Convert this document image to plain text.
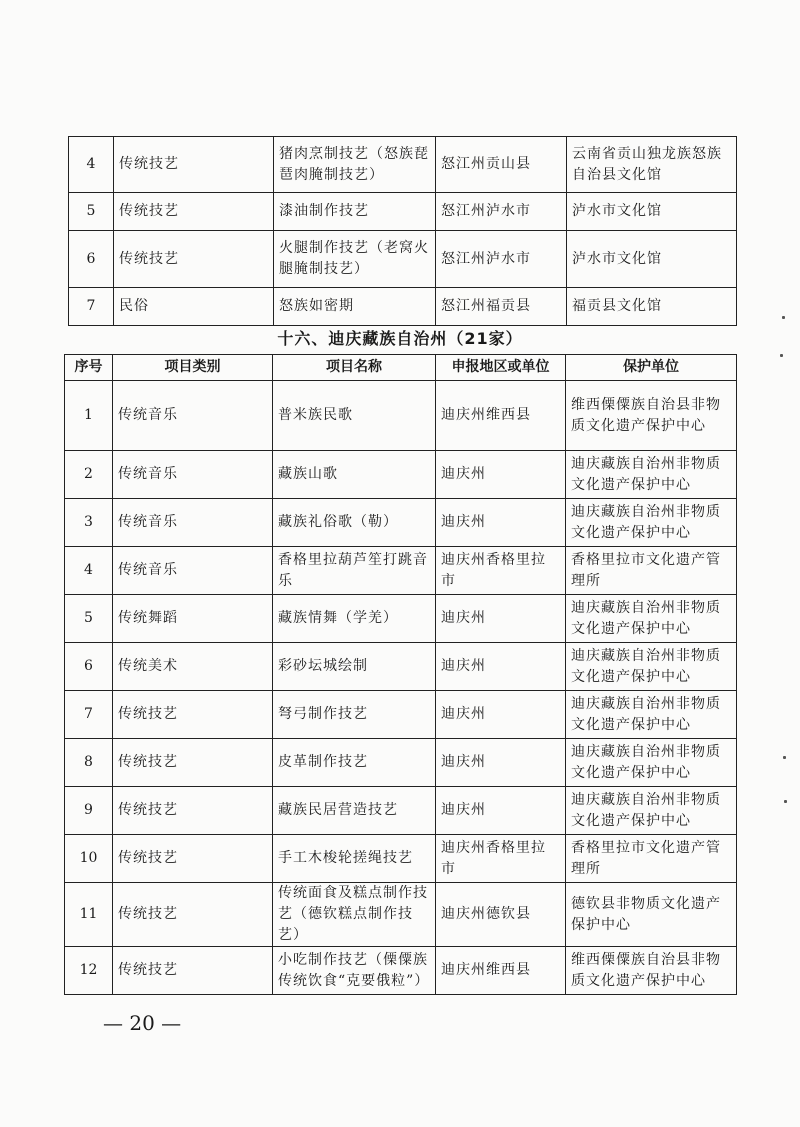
4	传统技艺	猪肉烹制技艺（怒族琵琶肉腌制技艺）	怒江州贡山县	云南省贡山独龙族怒族自治县文化馆
5	传统技艺	漆油制作技艺	怒江州泸水市	泸水市文化馆
6	传统技艺	火腿制作技艺（老窝火腿腌制技艺）	怒江州泸水市	泸水市文化馆
7	民俗	怒族如密期	怒江州福贡县	福贡县文化馆
十六、迪庆藏族自治州（21家）
序号	项目类别	项目名称	申报地区或单位	保护单位
1	传统音乐	普米族民歌	迪庆州维西县	维西傈僳族自治县非物质文化遗产保护中心
2	传统音乐	藏族山歌	迪庆州	迪庆藏族自治州非物质文化遗产保护中心
3	传统音乐	藏族礼俗歌（勒）	迪庆州	迪庆藏族自治州非物质文化遗产保护中心
4	传统音乐	香格里拉葫芦笙打跳音乐	迪庆州香格里拉市	香格里拉市文化遗产管理所
5	传统舞蹈	藏族情舞（学羌）	迪庆州	迪庆藏族自治州非物质文化遗产保护中心
6	传统美术	彩砂坛城绘制	迪庆州	迪庆藏族自治州非物质文化遗产保护中心
7	传统技艺	弩弓制作技艺	迪庆州	迪庆藏族自治州非物质文化遗产保护中心
8	传统技艺	皮革制作技艺	迪庆州	迪庆藏族自治州非物质文化遗产保护中心
9	传统技艺	藏族民居营造技艺	迪庆州	迪庆藏族自治州非物质文化遗产保护中心
10	传统技艺	手工木梭轮搓绳技艺	迪庆州香格里拉市	香格里拉市文化遗产管理所
11	传统技艺	传统面食及糕点制作技艺（德钦糕点制作技艺）	迪庆州德钦县	德钦县非物质文化遗产保护中心
12	传统技艺	小吃制作技艺（傈僳族传统饮食“克要俄粒”）	迪庆州维西县	维西傈僳族自治县非物质文化遗产保护中心
— 20 —
